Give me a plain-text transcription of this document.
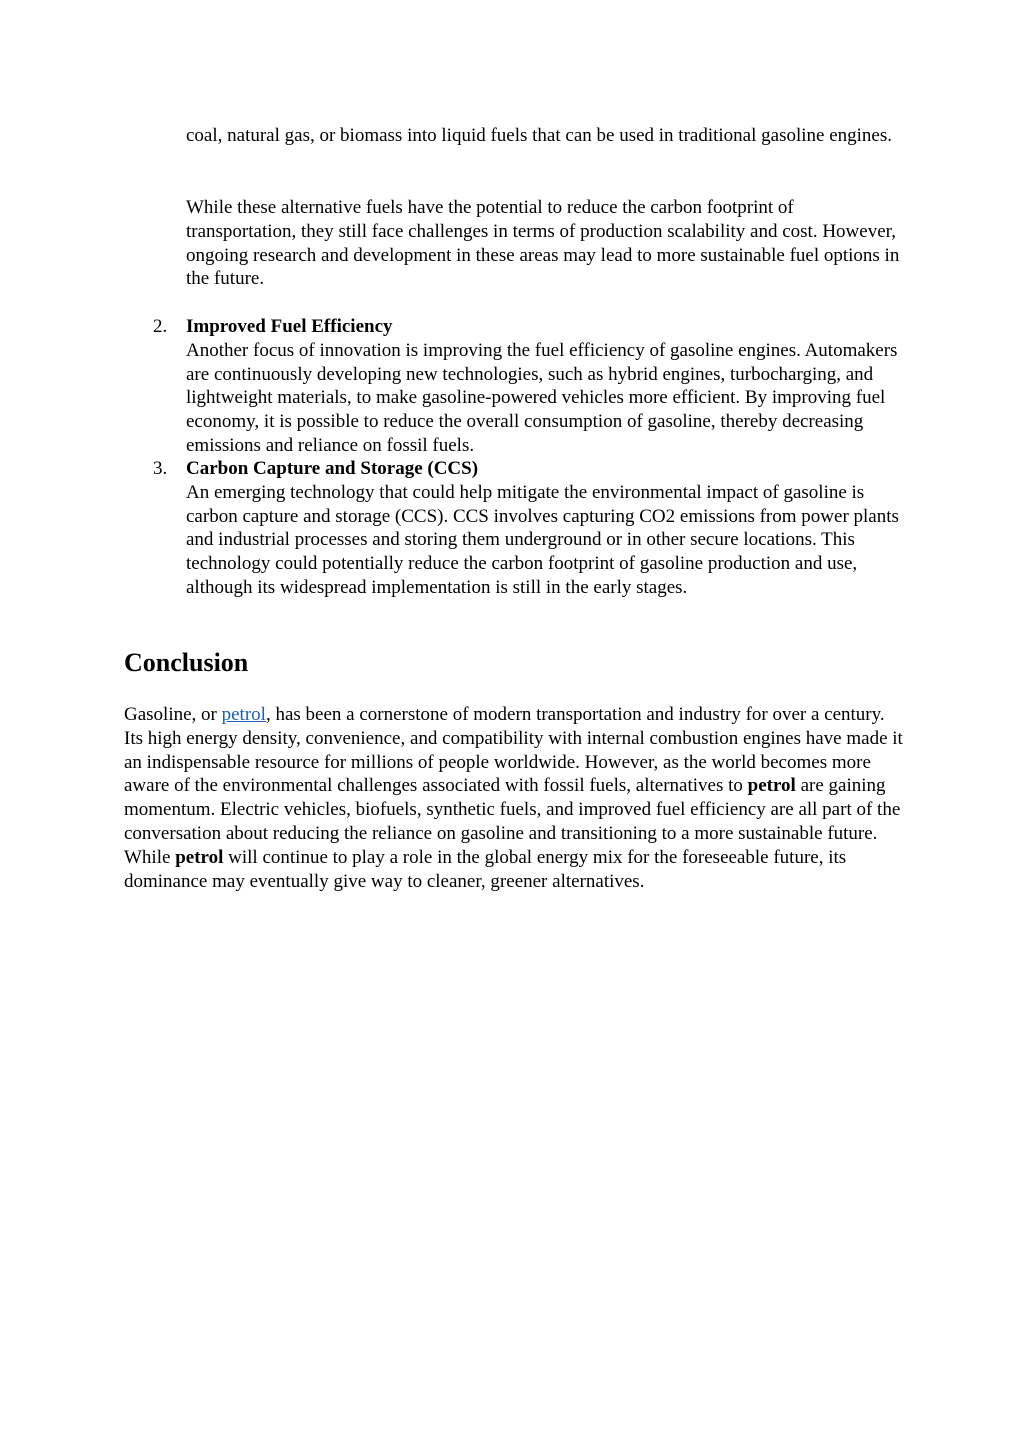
coal, natural gas, or biomass into liquid fuels that can be used in traditional gasoline engines.

While these alternative fuels have the potential to reduce the carbon footprint of transportation, they still face challenges in terms of production scalability and cost. However, ongoing research and development in these areas may lead to more sustainable fuel options in the future.

2. Improved Fuel Efficiency
Another focus of innovation is improving the fuel efficiency of gasoline engines. Automakers are continuously developing new technologies, such as hybrid engines, turbocharging, and lightweight materials, to make gasoline-powered vehicles more efficient. By improving fuel economy, it is possible to reduce the overall consumption of gasoline, thereby decreasing emissions and reliance on fossil fuels.
3. Carbon Capture and Storage (CCS)
An emerging technology that could help mitigate the environmental impact of gasoline is carbon capture and storage (CCS). CCS involves capturing CO2 emissions from power plants and industrial processes and storing them underground or in other secure locations. This technology could potentially reduce the carbon footprint of gasoline production and use, although its widespread implementation is still in the early stages.
Conclusion

Gasoline, or petrol, has been a cornerstone of modern transportation and industry for over a century. Its high energy density, convenience, and compatibility with internal combustion engines have made it an indispensable resource for millions of people worldwide. However, as the world becomes more aware of the environmental challenges associated with fossil fuels, alternatives to petrol are gaining momentum. Electric vehicles, biofuels, synthetic fuels, and improved fuel efficiency are all part of the conversation about reducing the reliance on gasoline and transitioning to a more sustainable future. While petrol will continue to play a role in the global energy mix for the foreseeable future, its dominance may eventually give way to cleaner, greener alternatives.
